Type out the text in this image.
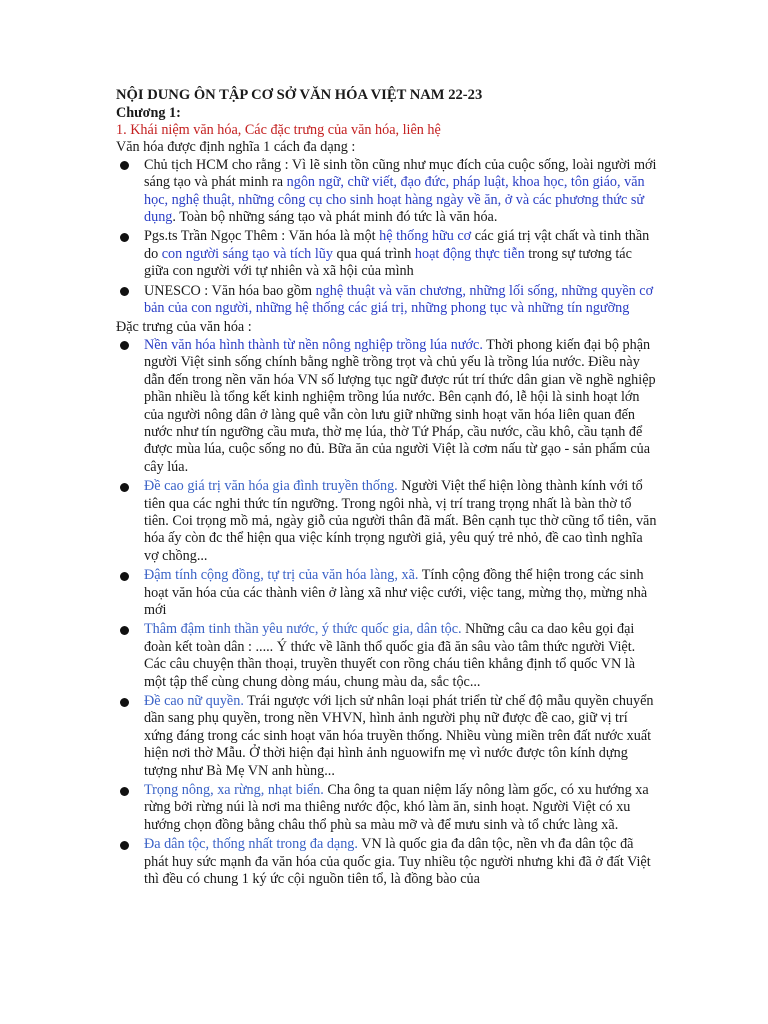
NỘI DUNG ÔN TẬP CƠ SỞ VĂN HÓA VIỆT NAM 22-23

Chương 1:

1. Khái niệm văn hóa, Các đặc trưng của văn hóa, liên hệ

Văn hóa được định nghĩa 1 cách đa dạng :

Chủ tịch HCM cho rằng : Vì lẽ sinh tồn cũng như mục đích của cuộc sống, loài người mới sáng tạo và phát minh ra ngôn ngữ, chữ viết, đạo đức, pháp luật, khoa học, tôn giáo, văn học, nghệ thuật, những công cụ cho sinh hoạt hàng ngày về ăn, ở và các phương thức sử dụng. Toàn bộ những sáng tạo và phát minh đó tức là văn hóa.
Pgs.ts Trần Ngọc Thêm : Văn hóa là một hệ thống hữu cơ các giá trị vật chất và tinh thần do con người sáng tạo và tích lũy qua quá trình hoạt động thực tiễn trong sự tương tác giữa con người với tự nhiên và xã hội của mình
UNESCO : Văn hóa bao gồm nghệ thuật và văn chương, những lối sống, những quyền cơ bản của con người, những hệ thống các giá trị, những phong tục và những tín ngưỡng

Đặc trưng của văn hóa :

Nền văn hóa hình thành từ nền nông nghiệp trồng lúa nước. Thời phong kiến đại bộ phận người Việt sinh sống chính bằng nghề trồng trọt và chủ yếu là trồng lúa nước. Điều này dẫn đến trong nền văn hóa VN số lượng tục ngữ được rút trí thức dân gian về nghề nghiệp phần nhiều là tổng kết kinh nghiệm trồng lúa nước. Bên cạnh đó, lễ hội là sinh hoạt lớn của người nông dân ở làng quê vẫn còn lưu giữ những sinh hoạt văn hóa liên quan đến nước như tín ngưỡng cầu mưa, thờ mẹ lúa, thờ Tứ Pháp, cầu nước, cầu khô, cầu tạnh để được mùa lúa, cuộc sống no đủ. Bữa ăn của người Việt là cơm nấu từ gạo - sản phẩm của cây lúa.
Đề cao giá trị văn hóa gia đình truyền thống. Người Việt thể hiện lòng thành kính với tổ tiên qua các nghi thức tín ngưỡng. Trong ngôi nhà, vị trí trang trọng nhất là bàn thờ tổ tiên. Coi trọng mồ mả, ngày giỗ của người thân đã mất. Bên cạnh tục thờ cũng tổ tiên, văn hóa ấy còn đc thể hiện qua việc kính trọng người giả, yêu quý trẻ nhỏ, đề cao tình nghĩa vợ chồng...
Đậm tính cộng đồng, tự trị của văn hóa làng, xã. Tính cộng đồng thể hiện trong các sinh hoạt văn hóa của các thành viên ở làng xã như việc cưới, việc tang, mừng thọ, mừng nhà mới
Thâm đậm tinh thần yêu nước, ý thức quốc gia, dân tộc. Những câu ca dao kêu gọi đại đoàn kết toàn dân : ..... Ý thức về lãnh thổ quốc gia đã ăn sâu vào tâm thức người Việt. Các câu chuyện thần thoại, truyền thuyết con rồng cháu tiên khẳng định tổ quốc VN là một tập thể cùng chung dòng máu, chung màu da, sắc tộc...
Đề cao nữ quyền. Trái ngược với lịch sử nhân loại phát triển từ chế độ mẫu quyền chuyển dần sang phụ quyền, trong nền VHVN, hình ảnh người phụ nữ được đề cao, giữ vị trí xứng đáng trong các sinh hoạt văn hóa truyền thống. Nhiều vùng miền trên đất nước xuất hiện nơi thờ Mẫu. Ở thời hiện đại hình ảnh nguowifn mẹ vì nước được tôn kính dựng tượng như Bà Mẹ VN anh hùng...
Trọng nông, xa rừng, nhạt biển. Cha ông ta quan niệm lấy nông làm gốc, có xu hướng xa rừng bởi rừng núi là nơi ma thiêng nước độc, khó làm ăn, sinh hoạt. Người Việt có xu hướng chọn đồng bằng châu thổ phù sa màu mỡ và để mưu sinh và tổ chức làng xã.
Đa dân tộc, thống nhất trong đa dạng. VN là quốc gia đa dân tộc, nền vh đa dân tộc đã phát huy sức mạnh đa văn hóa của quốc gia. Tuy nhiều tộc người nhưng khi đã ở đất Việt thì đều có chung 1 ký ức cội nguồn tiên tổ, là đồng bào của
